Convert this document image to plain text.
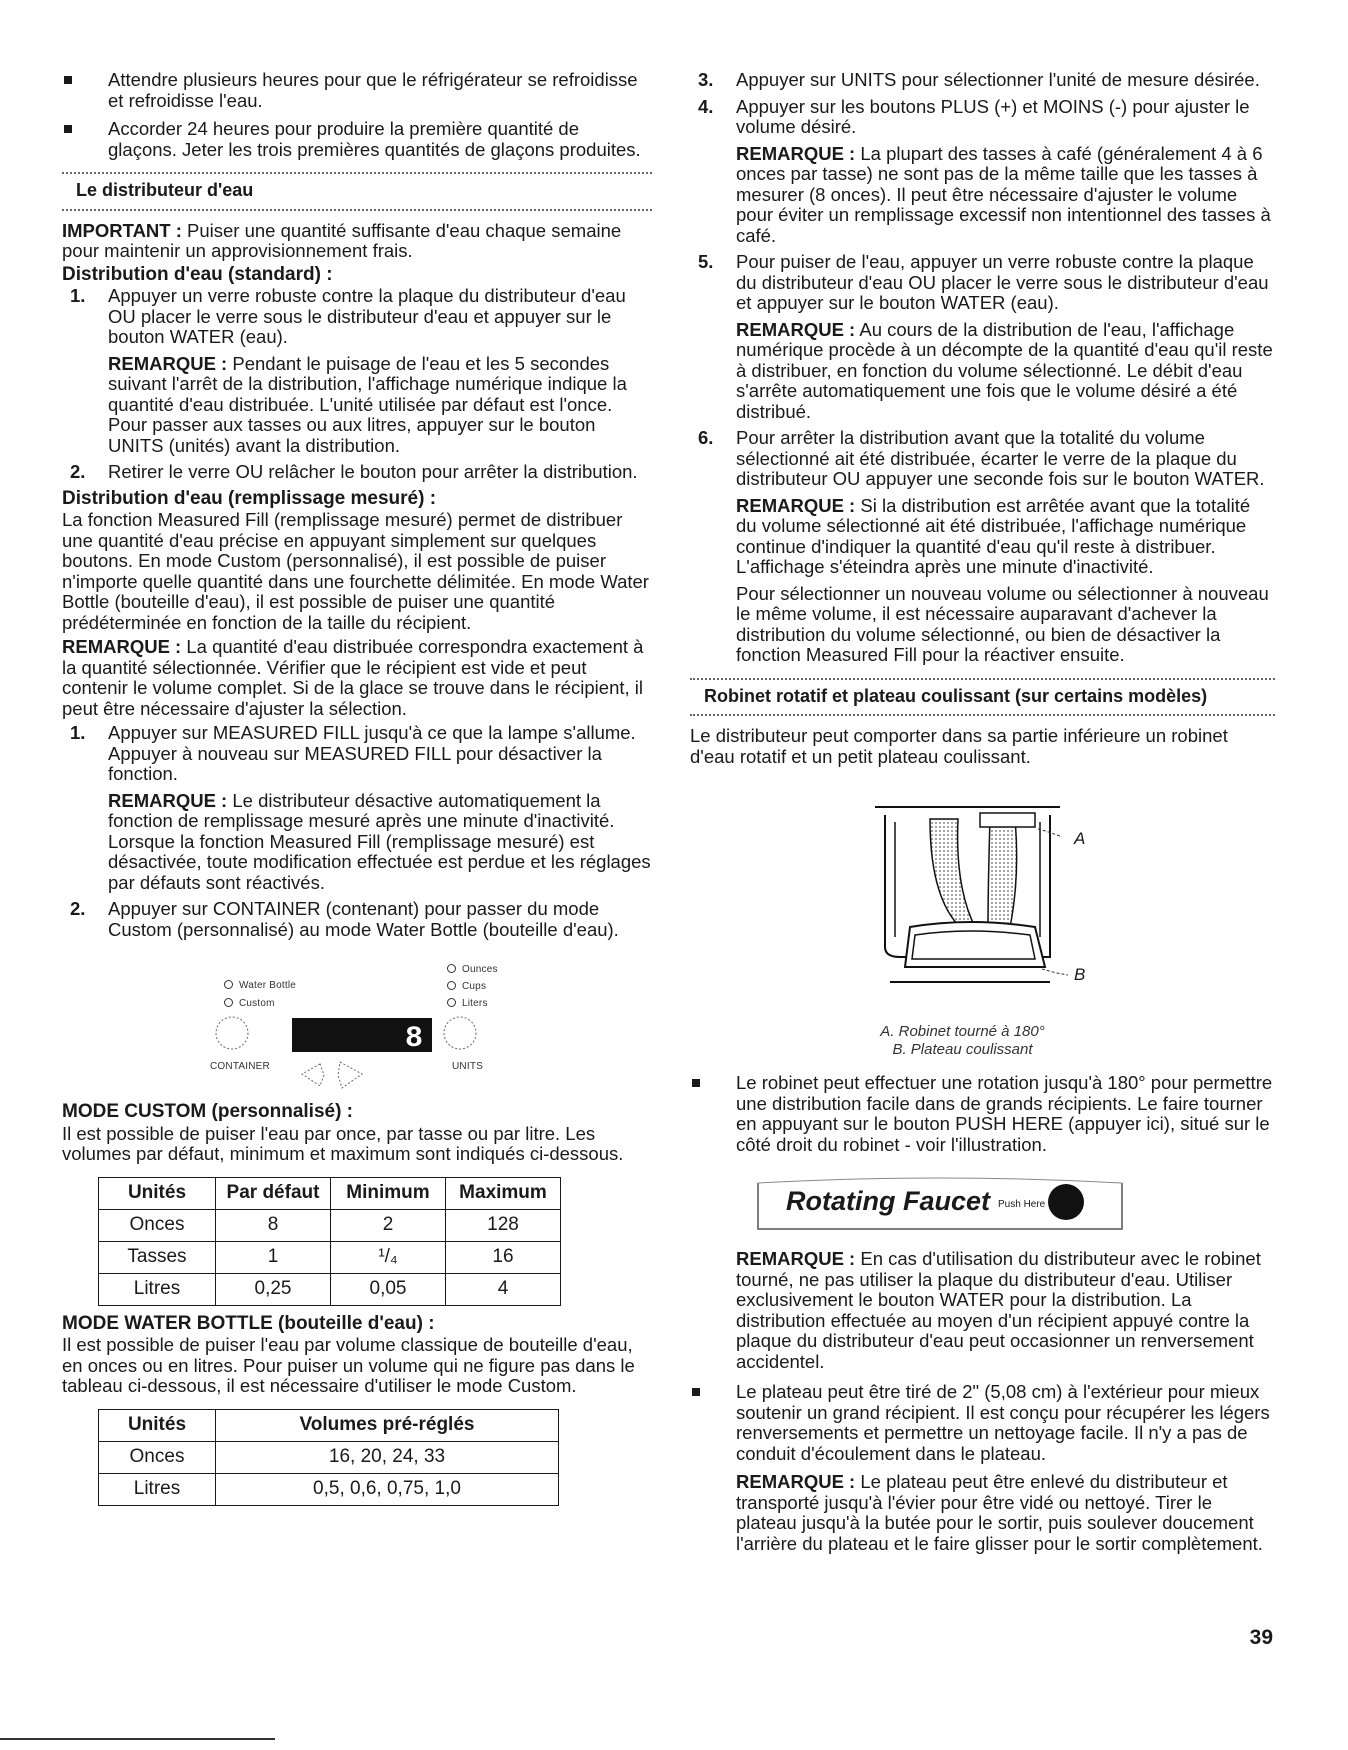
Attendre plusieurs heures pour que le réfrigérateur se refroidisse et refroidisse l'eau.

Accorder 24 heures pour produire la première quantité de glaçons. Jeter les trois premières quantités de glaçons produites.

Le distributeur d'eau

IMPORTANT : Puiser une quantité suffisante d'eau chaque semaine pour maintenir un approvisionnement frais.

Distribution d'eau (standard) :

1. Appuyer un verre robuste contre la plaque du distributeur d'eau OU placer le verre sous le distributeur d'eau et appuyer sur le bouton WATER (eau).

REMARQUE : Pendant le puisage de l'eau et les 5 secondes suivant l'arrêt de la distribution, l'affichage numérique indique la quantité d'eau distribuée. L'unité utilisée par défaut est l'once. Pour passer aux tasses ou aux litres, appuyer sur le bouton UNITS (unités) avant la distribution.

2. Retirer le verre OU relâcher le bouton pour arrêter la distribution.

Distribution d'eau (remplissage mesuré) :

La fonction Measured Fill (remplissage mesuré) permet de distribuer une quantité d'eau précise en appuyant simplement sur quelques boutons. En mode Custom (personnalisé), il est possible de puiser n'importe quelle quantité dans une fourchette délimitée. En mode Water Bottle (bouteille d'eau), il est possible de puiser une quantité prédéterminée en fonction de la taille du récipient.

REMARQUE : La quantité d'eau distribuée correspondra exactement à la quantité sélectionnée. Vérifier que le récipient est vide et peut contenir le volume complet. Si de la glace se trouve dans le récipient, il peut être nécessaire d'ajuster la sélection.

1. Appuyer sur MEASURED FILL jusqu'à ce que la lampe s'allume. Appuyer à nouveau sur MEASURED FILL pour désactiver la fonction.

REMARQUE : Le distributeur désactive automatiquement la fonction de remplissage mesuré après une minute d'inactivité. Lorsque la fonction Measured Fill (remplissage mesuré) est désactivée, toute modification effectuée est perdue et les réglages par défauts sont réactivés.

2. Appuyer sur CONTAINER (contenant) pour passer du mode Custom (personnalisé) au mode Water Bottle (bouteille d'eau).

Water Bottle
Custom
Ounces
Cups
Liters
8
CONTAINER	UNITS

MODE CUSTOM (personnalisé) :

Il est possible de puiser l'eau par once, par tasse ou par litre. Les volumes par défaut, minimum et maximum sont indiqués ci-dessous.

Unités	Par défaut	Minimum	Maximum
Onces	8	2	128
Tasses	1	¹/₄	16
Litres	0,25	0,05	4

MODE WATER BOTTLE (bouteille d'eau) :

Il est possible de puiser l'eau par volume classique de bouteille d'eau, en onces ou en litres. Pour puiser un volume qui ne figure pas dans le tableau ci-dessous, il est nécessaire d'utiliser le mode Custom.

Unités	Volumes pré-réglés
Onces	16, 20, 24, 33
Litres	0,5, 0,6, 0,75, 1,0
3. Appuyer sur UNITS pour sélectionner l'unité de mesure désirée.

4. Appuyer sur les boutons PLUS (+) et MOINS (-) pour ajuster le volume désiré.

REMARQUE : La plupart des tasses à café (généralement 4 à 6 onces par tasse) ne sont pas de la même taille que les tasses à mesurer (8 onces). Il peut être nécessaire d'ajuster le volume pour éviter un remplissage excessif non intentionnel des tasses à café.

5. Pour puiser de l'eau, appuyer un verre robuste contre la plaque du distributeur d'eau OU placer le verre sous le distributeur d'eau et appuyer sur le bouton WATER (eau).

REMARQUE : Au cours de la distribution de l'eau, l'affichage numérique procède à un décompte de la quantité d'eau qu'il reste à distribuer, en fonction du volume sélectionné. Le débit d'eau s'arrête automatiquement une fois que le volume désiré a été distribué.

6. Pour arrêter la distribution avant que la totalité du volume sélectionné ait été distribuée, écarter le verre de la plaque du distributeur OU appuyer une seconde fois sur le bouton WATER.

REMARQUE : Si la distribution est arrêtée avant que la totalité du volume sélectionné ait été distribuée, l'affichage numérique continue d'indiquer la quantité d'eau qu'il reste à distribuer. L'affichage s'éteindra après une minute d'inactivité.

Pour sélectionner un nouveau volume ou sélectionner à nouveau le même volume, il est nécessaire auparavant d'achever la distribution du volume sélectionné, ou bien de désactiver la fonction Measured Fill pour la réactiver ensuite.

Robinet rotatif et plateau coulissant (sur certains modèles)

Le distributeur peut comporter dans sa partie inférieure un robinet d'eau rotatif et un petit plateau coulissant.

A
B
A. Robinet tourné à 180°
B. Plateau coulissant

Le robinet peut effectuer une rotation jusqu'à 180° pour permettre une distribution facile dans de grands récipients. Le faire tourner en appuyant sur le bouton PUSH HERE (appuyer ici), situé sur le côté droit du robinet - voir l'illustration.

Rotating Faucet Push Here

REMARQUE : En cas d'utilisation du distributeur avec le robinet tourné, ne pas utiliser la plaque du distributeur d'eau. Utiliser exclusivement le bouton WATER pour la distribution. La distribution effectuée au moyen d'un récipient appuyé contre la plaque du distributeur d'eau peut occasionner un renversement accidentel.

Le plateau peut être tiré de 2" (5,08 cm) à l'extérieur pour mieux soutenir un grand récipient. Il est conçu pour récupérer les légers renversements et permettre un nettoyage facile. Il n'y a pas de conduit d'écoulement dans le plateau.

REMARQUE : Le plateau peut être enlevé du distributeur et transporté jusqu'à l'évier pour être vidé ou nettoyé. Tirer le plateau jusqu'à la butée pour le sortir, puis soulever doucement l'arrière du plateau et le faire glisser pour le sortir complètement.

39
